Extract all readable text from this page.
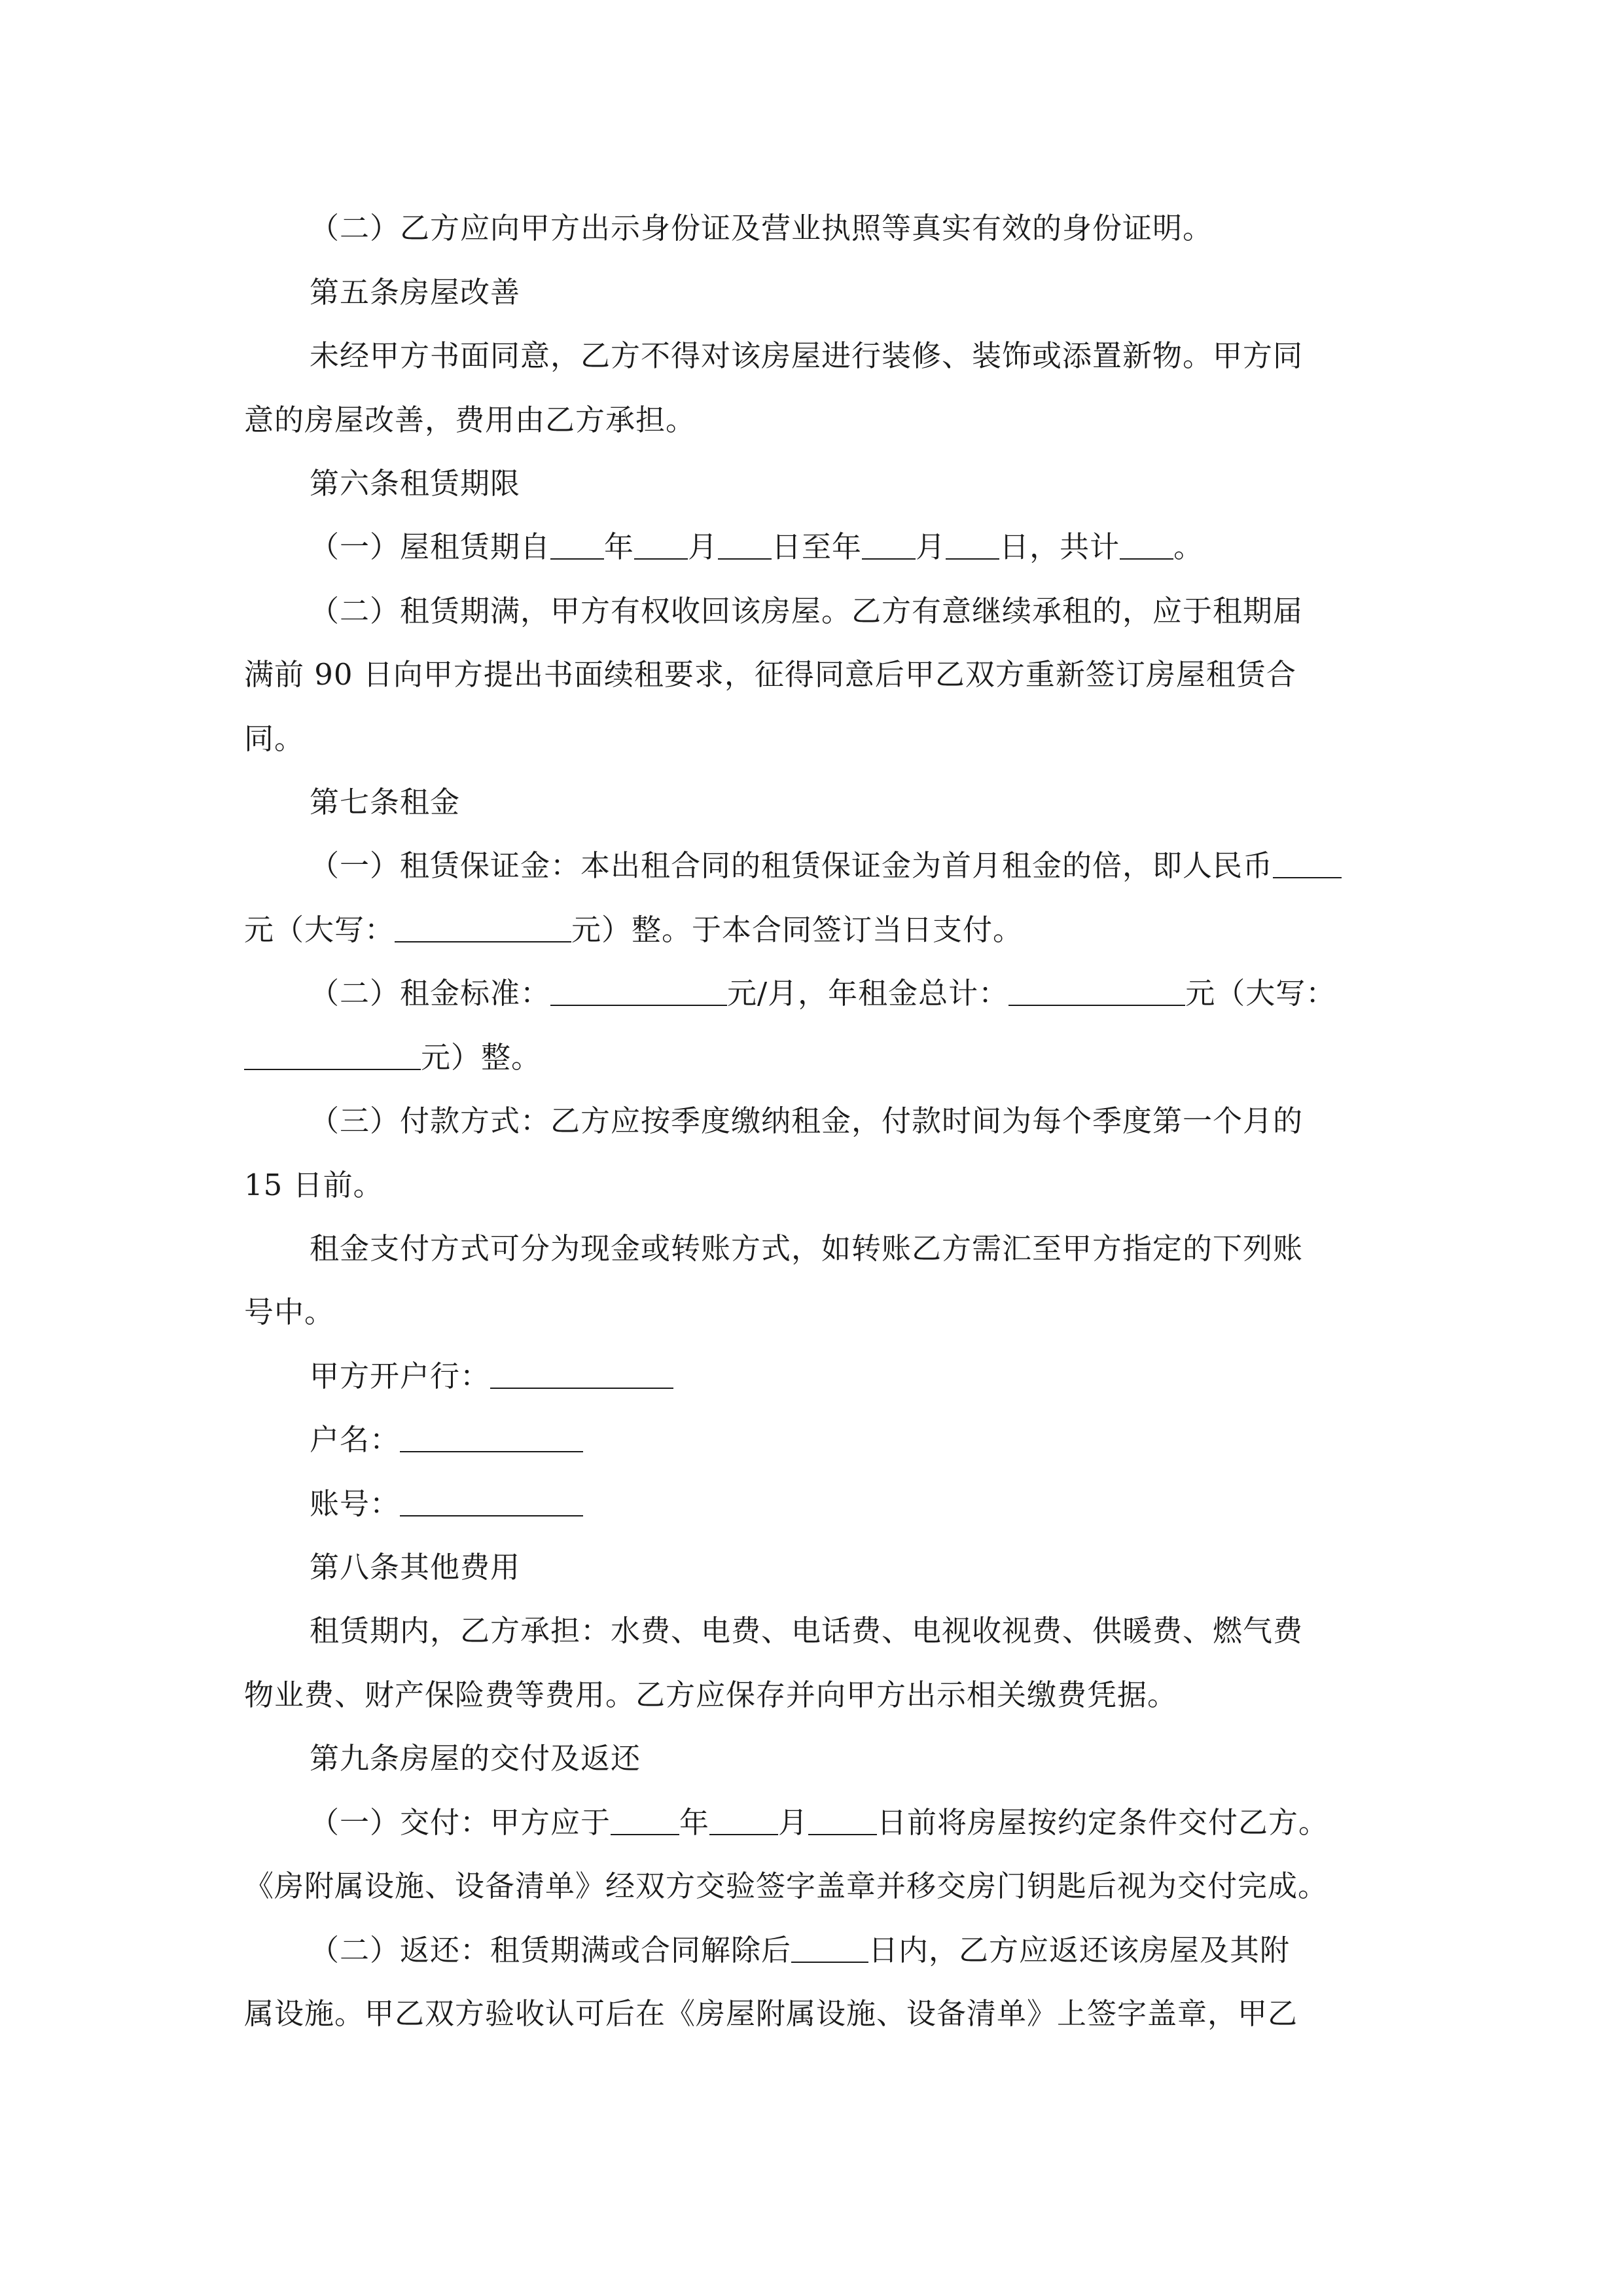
（二）乙方应向甲方出示身份证及营业执照等真实有效的身份证明。
第五条房屋改善
未经甲方书面同意，乙方不得对该房屋进行装修、装饰或添置新物。甲方同
意的房屋改善，费用由乙方承担。
第六条租赁期限
（一）屋租赁期自 年 月 日至年 月 日，共计 。
（二）租赁期满，甲方有权收回该房屋。乙方有意继续承租的，应于租期届
满前 90 日向甲方提出书面续租要求，征得同意后甲乙双方重新签订房屋租赁合
同。
第七条租金
（一）租赁保证金：本出租合同的租赁保证金为首月租金的倍，即人民币
元（大写：	元）整。于本合同签订当日支付。
（二）租金标准：	元/月，年租金总计：	元（大写：
元）整。
（三）付款方式：乙方应按季度缴纳租金，付款时间为每个季度第一个月的
15 日前。
租金支付方式可分为现金或转账方式，如转账乙方需汇至甲方指定的下列账
号中。
甲方开户行：
户名：
账号：
第八条其他费用
租赁期内，乙方承担：水费、电费、电话费、电视收视费、供暖费、燃气费
物业费、财产保险费等费用。乙方应保存并向甲方出示相关缴费凭据。
第九条房屋的交付及返还
（一）交付：甲方应于 年 月 日前将房屋按约定条件交付乙方。
《房附属设施、设备清单》经双方交验签字盖章并移交房门钥匙后视为交付完成。
（二）返还：租赁期满或合同解除后	日内，乙方应返还该房屋及其附
属设施。甲乙双方验收认可后在《房屋附属设施、设备清单》上签字盖章，甲乙
